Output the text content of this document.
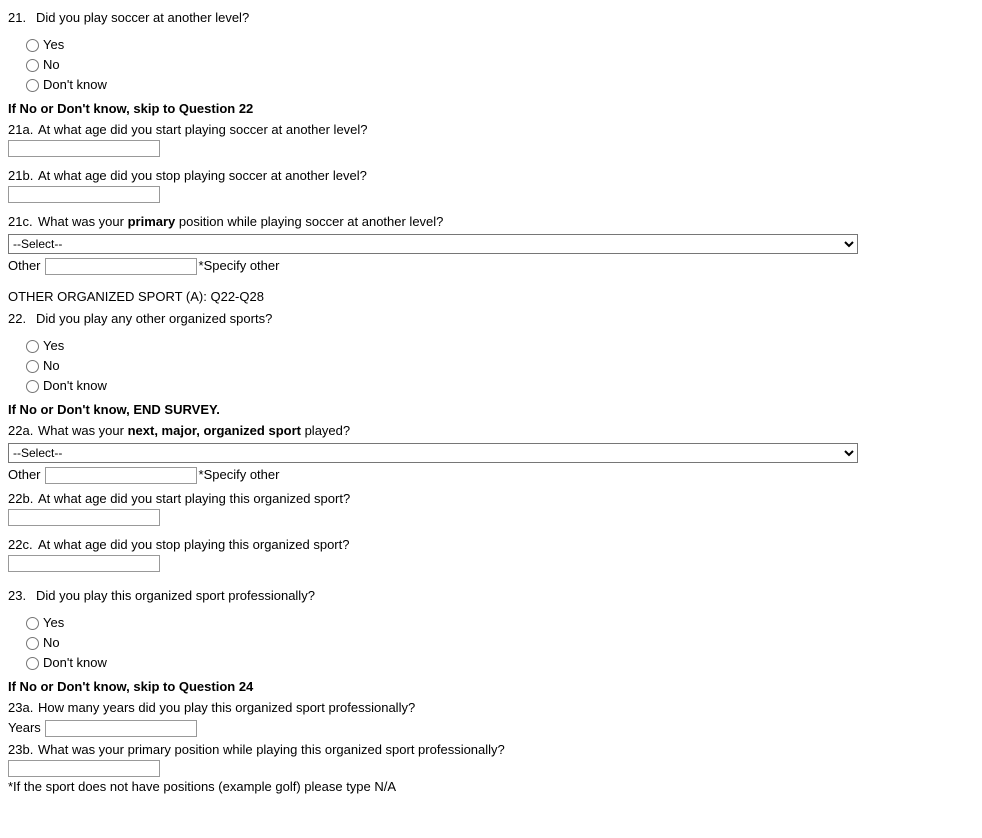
21. Did you play soccer at another level?
Yes
No
Don't know
If No or Don't know, skip to Question 22
21a. At what age did you start playing soccer at another level?
21b. At what age did you stop playing soccer at another level?
21c. What was your primary position while playing soccer at another level?
--Select--
Other	*Specify other
OTHER ORGANIZED SPORT (A): Q22-Q28
22. Did you play any other organized sports?
Yes
No
Don't know
If No or Don't know, END SURVEY.
22a. What was your next, major, organized sport played?
--Select--
Other	*Specify other
22b. At what age did you start playing this organized sport?
22c. At what age did you stop playing this organized sport?
23. Did you play this organized sport professionally?
Yes
No
Don't know
If No or Don't know, skip to Question 24
23a. How many years did you play this organized sport professionally?
Years
23b. What was your primary position while playing this organized sport professionally?
*If the sport does not have positions (example golf) please type N/A
